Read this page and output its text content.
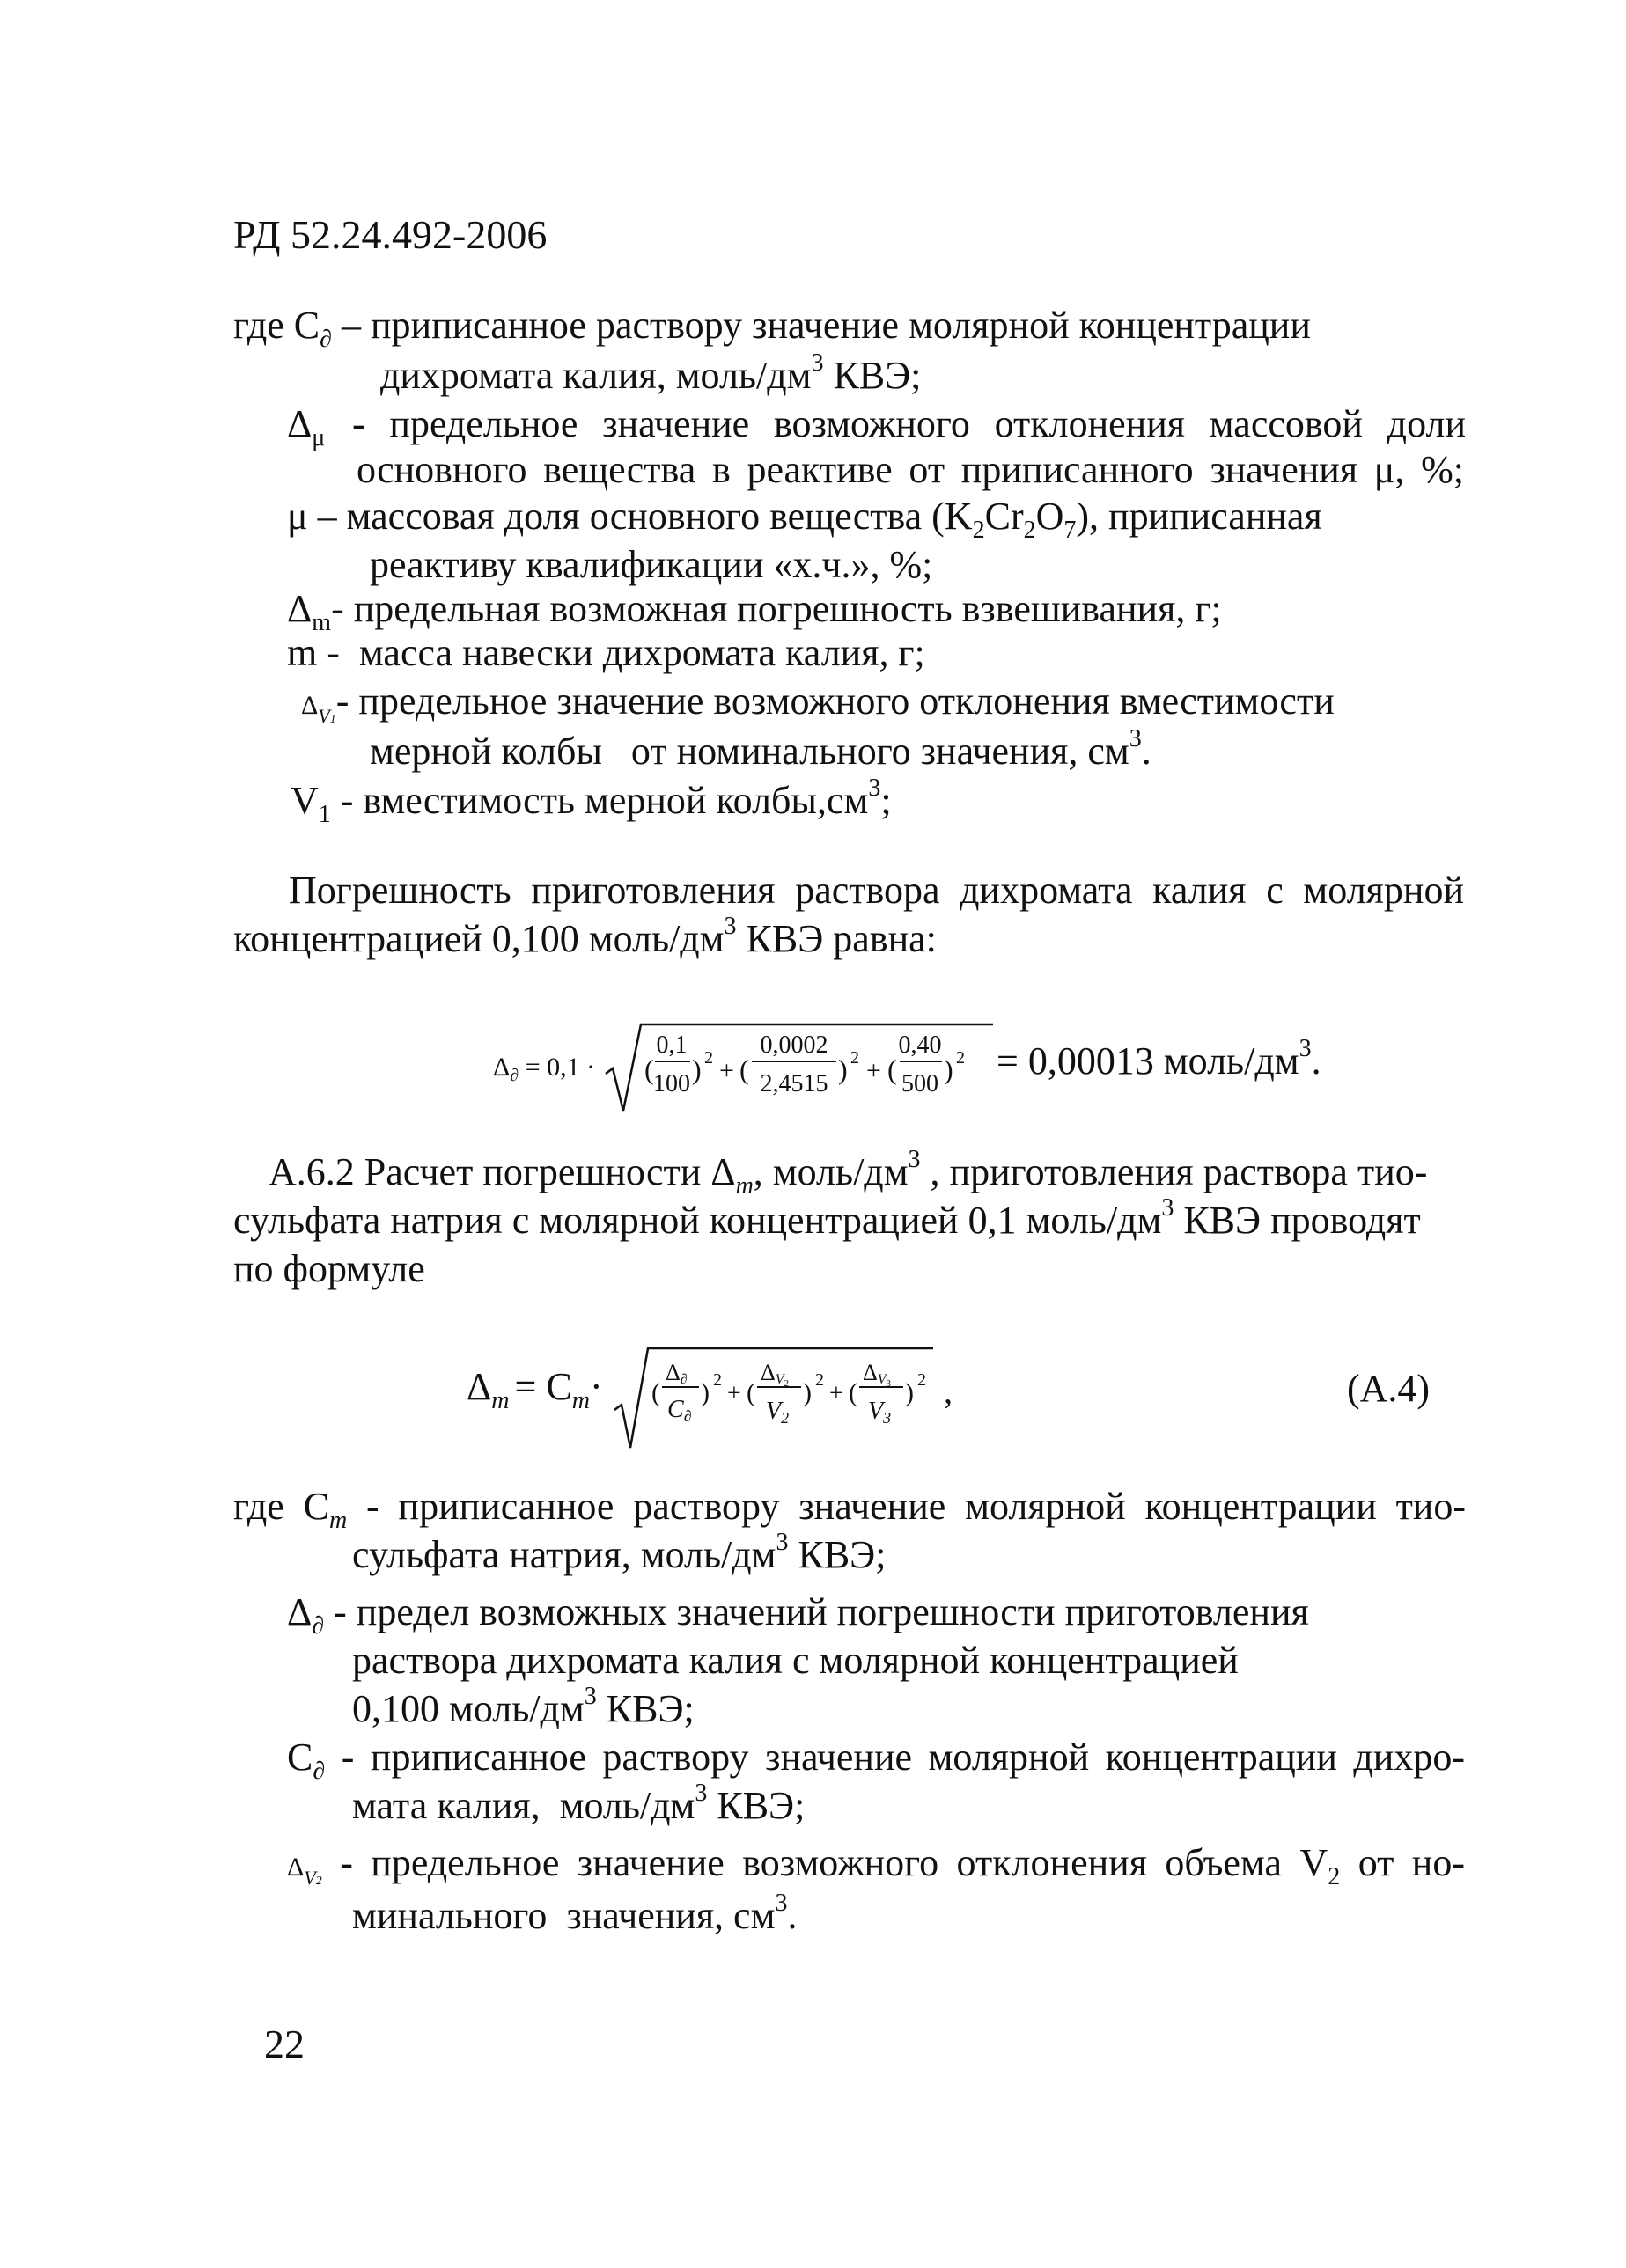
РД 52.24.492-2006
где $С_\partial$ – приписанное раствору значение молярной концентрации
дихромата калия, моль/$дм^3$ КВЭ;
$\Delta_\mu$ - предельное значение возможного отклонения массовой доли
основного вещества в реактиве от приписанного значения μ, %;
μ – массовая доля основного вещества $(K_2Cr_2O_7)$, приписанная
реактиву квалификации «х.ч.», %;
$\Delta_m-$ предельная возможная погрешность взвешивания, г;
m - масса навески дихромата калия, г;
$\Delta_{V1}-$ предельное значение возможного отклонения вместимости
мерной колбы   от номинального значения, $см^3$.
$V_1$ - вместимость мерной $колбы,см^3$;
Погрешность приготовления раствора дихромата калия с молярной
концентрацией 0,100 моль/$дм^3$ КВЭ равна:
$\Delta_\partial = 0,1$ · (
0,1
100 ) 2 + (
0,0002
2,4515 ) 2 + (
0,40
500 ) 2 = 0,00013 моль/$дм^3$.
А.6.2 Расчет погрешности $\Delta_m$, моль/$дм^3$ , приготовления раствора тио-
сульфата натрия с молярной концентрацией 0,1 моль/$дм^3$ КВЭ проводят
по формуле
$\Delta_m = C_m\cdot$ (
Δ∂
C∂
) 2 + (
ΔV2
V2
) 2 + (
ΔV3
V3
) 2 ,	(А.4)
где $С_m$ - приписанное раствору значение молярной концентрации тио-
сульфата натрия, моль/$дм^3$ КВЭ;
$\Delta_\partial$ - предел возможных значений погрешности приготовления
раствора дихромата калия с молярной концентрацией
0,100 моль/$дм^3$ КВЭ;
$С_\partial$ - приписанное раствору значение молярной концентрации дихро-
мата калия,  моль/$дм^3$ КВЭ;
$\Delta_{V2}$ - предельное значение возможного отклонения объема $V_2$ от но-
минального  значения, $см^3$.
22
